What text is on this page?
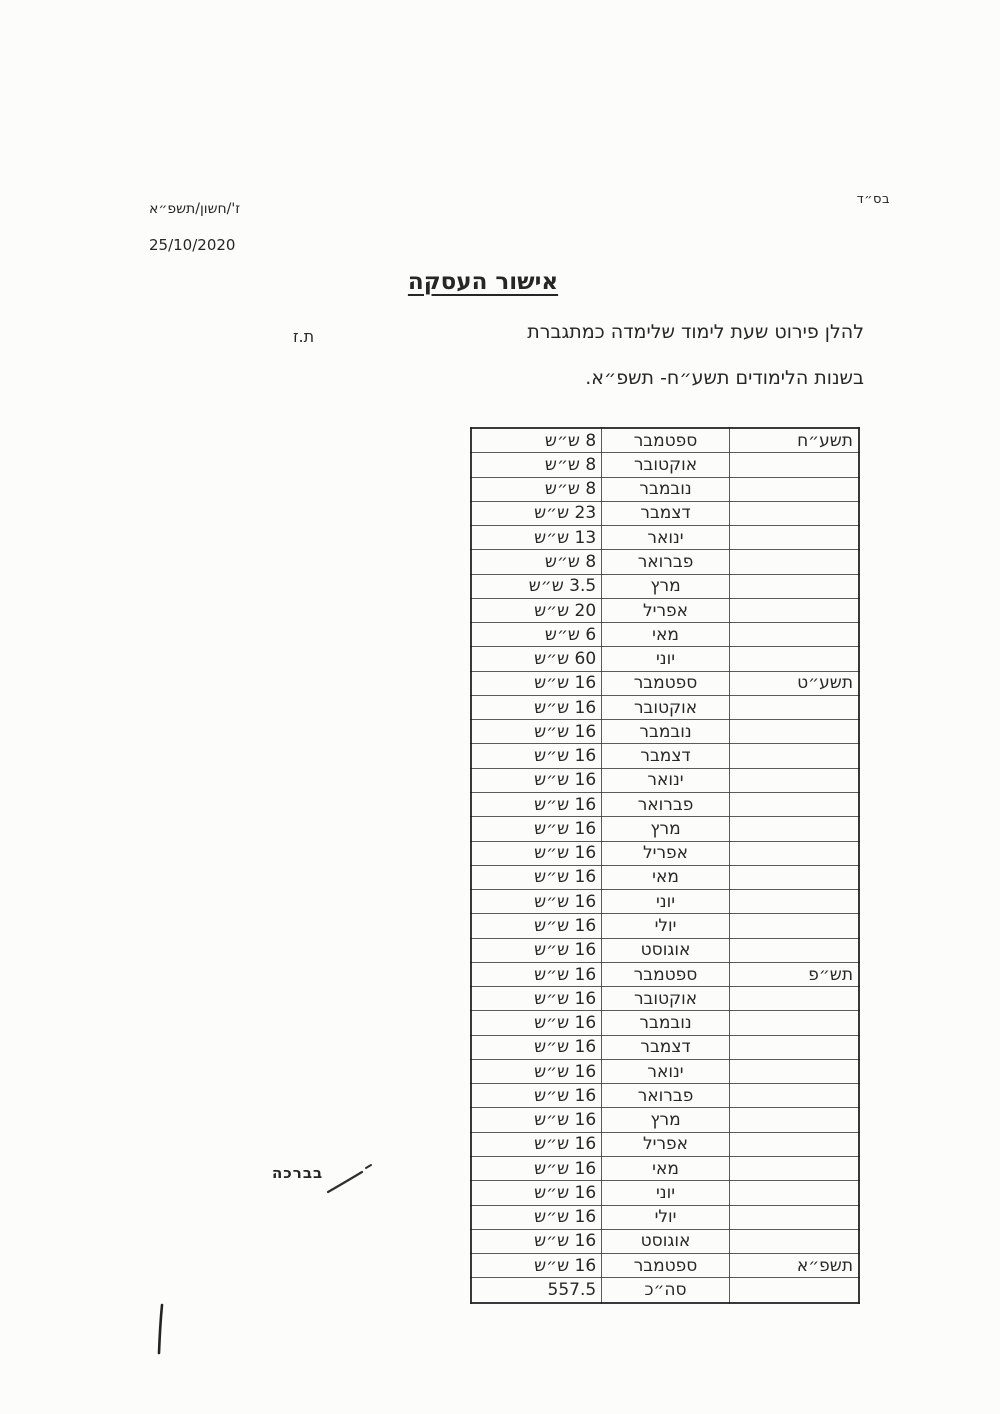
בס״ד
ז'/חשון/תשפ״א
25/10/2020
אישור העסקה
להלן פירוט שעת לימוד שלימדה כמתגברת
ת.ז
בשנות הלימודים תשע״ח- תשפ״א.
תשע״ח	ספטמבר	8 ש״ש
	אוקטובר	8 ש״ש
	נובמבר	8 ש״ש
	דצמבר	23 ש״ש
	ינואר	13 ש״ש
	פברואר	8 ש״ש
	מרץ	3.5 ש״ש
	אפריל	20 ש״ש
	מאי	6 ש״ש
	יוני	60 ש״ש
תשע״ט	ספטמבר	16 ש״ש
	אוקטובר	16 ש״ש
	נובמבר	16 ש״ש
	דצמבר	16 ש״ש
	ינואר	16 ש״ש
	פברואר	16 ש״ש
	מרץ	16 ש״ש
	אפריל	16 ש״ש
	מאי	16 ש״ש
	יוני	16 ש״ש
	יולי	16 ש״ש
	אוגוסט	16 ש״ש
תש״פ	ספטמבר	16 ש״ש
	אוקטובר	16 ש״ש
	נובמבר	16 ש״ש
	דצמבר	16 ש״ש
	ינואר	16 ש״ש
	פברואר	16 ש״ש
	מרץ	16 ש״ש
	אפריל	16 ש״ש
	מאי	16 ש״ש
	יוני	16 ש״ש
	יולי	16 ש״ש
	אוגוסט	16 ש״ש
תשפ״א	ספטמבר	16 ש״ש
	סה״כ	557.5
בברכה
